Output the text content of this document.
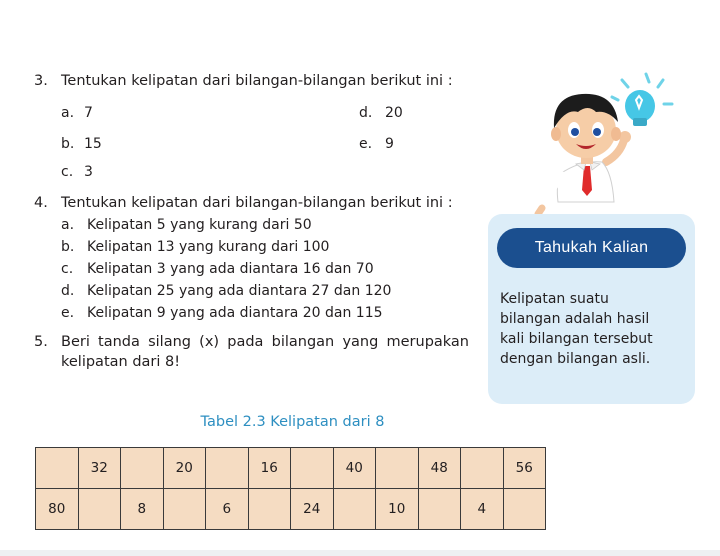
3. Tentukan kelipatan dari bilangan-bilangan berikut ini :
a. 7
b. 15
c. 3
d. 20
e. 9
4. Tentukan kelipatan dari bilangan-bilangan berikut ini :
a. Kelipatan 5 yang kurang dari 50
b. Kelipatan 13 yang kurang dari 100
c. Kelipatan 3 yang ada diantara 16 dan 70
d. Kelipatan 25 yang ada diantara 27 dan 120
e. Kelipatan 9 yang ada diantara 20 dan 115
5. Beri tanda silang (x) pada bilangan yang merupakan
kelipatan dari 8!
Tahukah Kalian
Kelipatan suatu
bilangan adalah hasil
kali bilangan tersebut
dengan bilangan asli.
Tabel 2.3 Kelipatan dari 8
	32		20		16		40		48		56
80		8		6		24		10		4	
